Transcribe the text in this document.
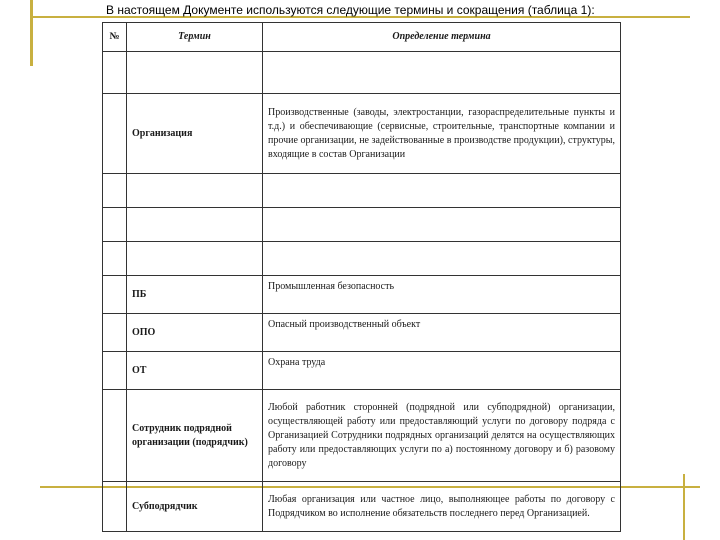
В настоящем Документе используются следующие термины и сокращения (таблица 1):
№	Термин	Определение термина

	Организация	Производственные (заводы, электростанции, газораспределительные пункты и т.д.) и обеспечивающие (сервисные, строительные, транспортные компании и прочие организации, не задействованные в производстве продукции), структуры, входящие в состав Организации

	ПБ	Промышленная безопасность
	ОПО	Опасный производственный объект
	ОТ	Охрана труда
	Сотрудник подрядной организации (подрядчик)	Любой работник сторонней (подрядной или субподрядной) организации, осуществляющей работу или предоставляющий услуги по договору подряда с Организацией Сотрудники подрядных организаций делятся на осуществляющих работу или предоставляющих услуги по а) постоянному договору и б) разовому договору
	Субподрядчик	Любая организация или частное лицо, выполняющее работы по договору с Подрядчиком во исполнение обязательств последнего перед Организацией.
